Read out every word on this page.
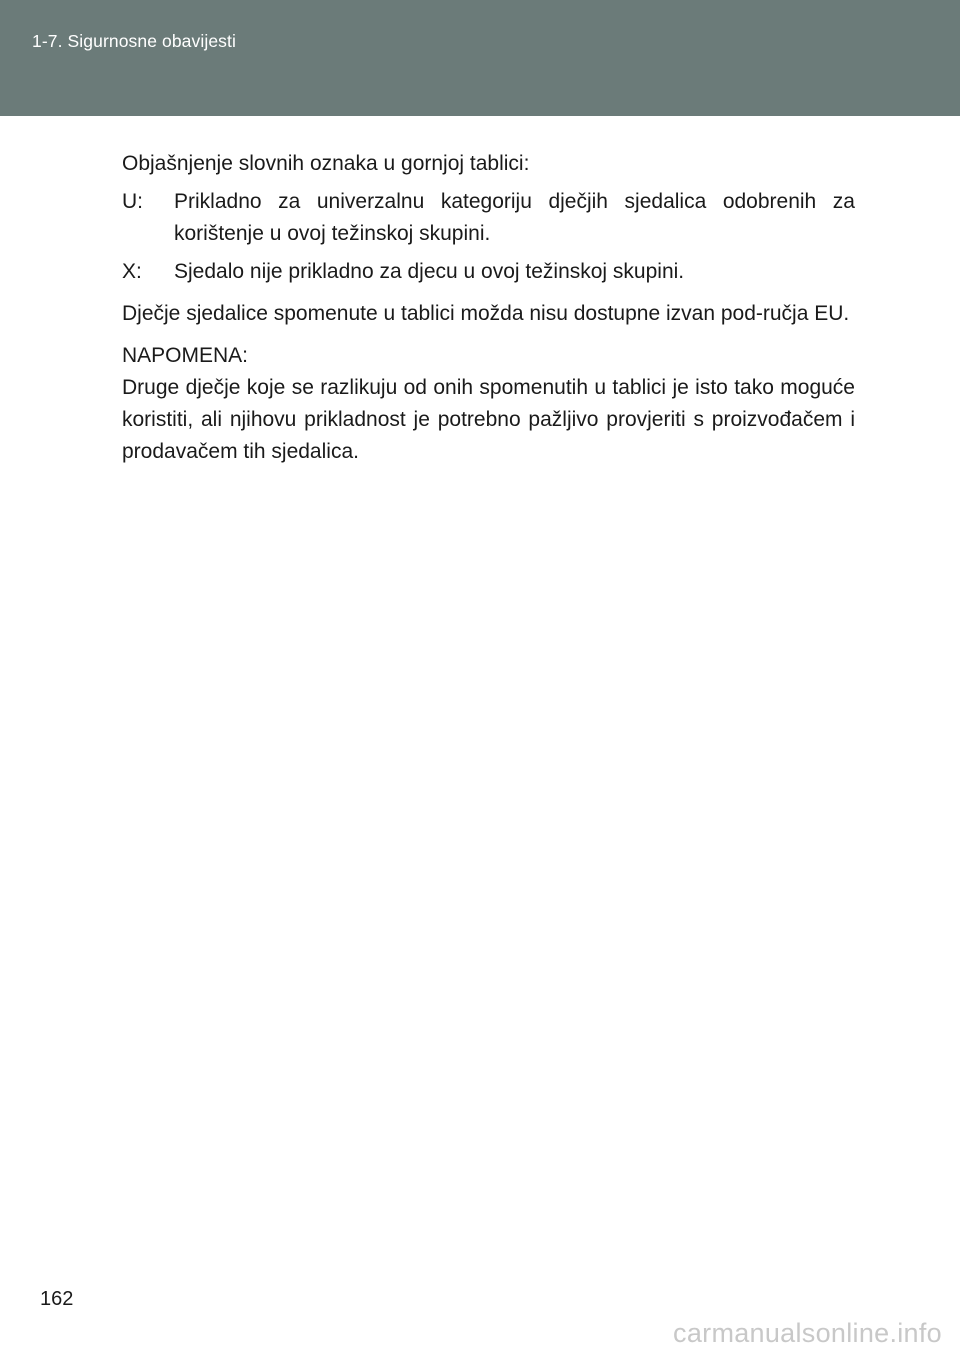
1-7. Sigurnosne obavijesti

Objašnjenje slovnih oznaka u gornjoj tablici:

U:	Prikladno za univerzalnu kategoriju dječjih sjedalica odobrenih za korištenje u ovoj težinskoj skupini.
X:	Sjedalo nije prikladno za djecu u ovoj težinskoj skupini.

Dječje sjedalice spomenute u tablici možda nisu dostupne izvan pod-ručja EU.

NAPOMENA:

Druge dječje koje se razlikuju od onih spomenutih u tablici je isto tako moguće koristiti, ali njihovu prikladnost je potrebno pažljivo provjeriti s proizvođačem i prodavačem tih sjedalica.

162
carmanualsonline.info
